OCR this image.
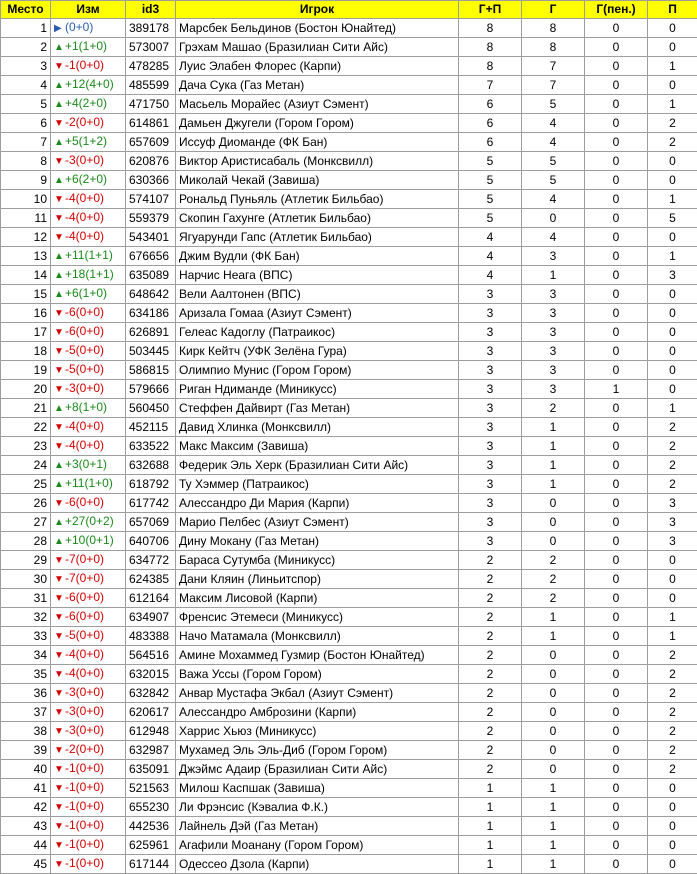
Место	Изм	id3	Игрок	Г+П	Г	Г(пен.)	П
1	▶ (0+0)	389178	Марсбек Бельдинов (Бостон Юнайтед)	8	8	0	0
2	▲+1(1+0)	573007	Грэхам Машао (Бразилиан Сити Айс)	8	8	0	0
3	▼-1(0+0)	478285	Луис Элабен Флорес (Карпи)	8	7	0	1
4	▲+12(4+0)	485599	Дача Сука (Газ Метан)	7	7	0	0
5	▲+4(2+0)	471750	Масьель Морайес (Азиут Сэмент)	6	5	0	1
6	▼-2(0+0)	614861	Дамьен Джугели (Гором Гором)	6	4	0	2
7	▲+5(1+2)	657609	Иссуф Диоманде (ФК Бан)	6	4	0	2
8	▼-3(0+0)	620876	Виктор Аристисабаль (Монксвилл)	5	5	0	0
9	▲+6(2+0)	630366	Миколай Чекай (Завиша)	5	5	0	0
10	▼-4(0+0)	574107	Рональд Пуньяль (Атлетик Бильбао)	5	4	0	1
11	▼-4(0+0)	559379	Скопин Гахунге (Атлетик Бильбао)	5	0	0	5
12	▼-4(0+0)	543401	Ягуарунди Гапс (Атлетик Бильбао)	4	4	0	0
13	▲+11(1+1)	676656	Джим Вудли (ФК Бан)	4	3	0	1
14	▲+18(1+1)	635089	Нарчис Неага (ВПС)	4	1	0	3
15	▲+6(1+0)	648642	Вели Аалтонен (ВПС)	3	3	0	0
16	▼-6(0+0)	634186	Аризала Гомаа (Азиут Сэмент)	3	3	0	0
17	▼-6(0+0)	626891	Гелеас Кадоглу (Патраикос)	3	3	0	0
18	▼-5(0+0)	503445	Кирк Кейтч (УФК Зелёна Гура)	3	3	0	0
19	▼-5(0+0)	586815	Олимпио Мунис (Гором Гором)	3	3	0	0
20	▼-3(0+0)	579666	Риган Ндиманде (Миникусс)	3	3	1	0
21	▲+8(1+0)	560450	Стеффен Дайвирт (Газ Метан)	3	2	0	1
22	▼-4(0+0)	452115	Давид Хлинка (Монксвилл)	3	1	0	2
23	▼-4(0+0)	633522	Макс Максим (Завиша)	3	1	0	2
24	▲+3(0+1)	632688	Федерик Эль Херк (Бразилиан Сити Айс)	3	1	0	2
25	▲+11(1+0)	618792	Ту Хэммер (Патраикос)	3	1	0	2
26	▼-6(0+0)	617742	Алессандро Ди Мария (Карпи)	3	0	0	3
27	▲+27(0+2)	657069	Марио Пелбес (Азиут Сэмент)	3	0	0	3
28	▲+10(0+1)	640706	Дину Мокану (Газ Метан)	3	0	0	3
29	▼-7(0+0)	634772	Бараса Сутумба (Миникусс)	2	2	0	0
30	▼-7(0+0)	624385	Дани Кляин (Линьитспор)	2	2	0	0
31	▼-6(0+0)	612164	Максим Лисовой (Карпи)	2	2	0	0
32	▼-6(0+0)	634907	Френсис Этемеси (Миникусс)	2	1	0	1
33	▼-5(0+0)	483388	Начо Матамала (Монксвилл)	2	1	0	1
34	▼-4(0+0)	564516	Амине Мохаммед Гузмир (Бостон Юнайтед)	2	0	0	2
35	▼-4(0+0)	632015	Важа Уссы (Гором Гором)	2	0	0	2
36	▼-3(0+0)	632842	Анвар Мустафа Экбал (Азиут Сэмент)	2	0	0	2
37	▼-3(0+0)	620617	Алессандро Амброзини (Карпи)	2	0	0	2
38	▼-3(0+0)	612948	Харрис Хьюз (Миникусс)	2	0	0	2
39	▼-2(0+0)	632987	Мухамед Эль Эль-Диб (Гором Гором)	2	0	0	2
40	▼-1(0+0)	635091	Джэймс Адаир (Бразилиан Сити Айс)	2	0	0	2
41	▼-1(0+0)	521563	Милош Каспшак (Завиша)	1	1	0	0
42	▼-1(0+0)	655230	Ли Фрэнсис (Кэвалиа Ф.К.)	1	1	0	0
43	▼-1(0+0)	442536	Лайнель Дэй (Газ Метан)	1	1	0	0
44	▼-1(0+0)	625961	Агафили Моанану (Гором Гором)	1	1	0	0
45	▼-1(0+0)	617144	Одессео Дзола (Карпи)	1	1	0	0
